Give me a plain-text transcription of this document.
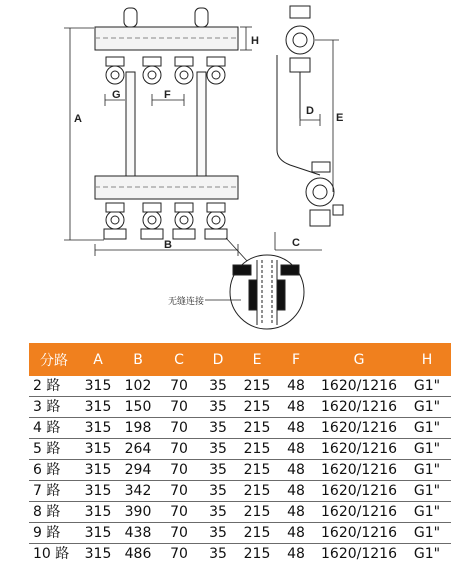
A
B	C
D
E
F
G
H
无缝连接
分路	A	B	C	D	E	F	G	H
2 路	315	102	70	35	215	48	1620/1216	G1"
3 路	315	150	70	35	215	48	1620/1216	G1"
4 路	315	198	70	35	215	48	1620/1216	G1"
5 路	315	264	70	35	215	48	1620/1216	G1"
6 路	315	294	70	35	215	48	1620/1216	G1"
7 路	315	342	70	35	215	48	1620/1216	G1"
8 路	315	390	70	35	215	48	1620/1216	G1"
9 路	315	438	70	35	215	48	1620/1216	G1"
10 路	315	486	70	35	215	48	1620/1216	G1"
